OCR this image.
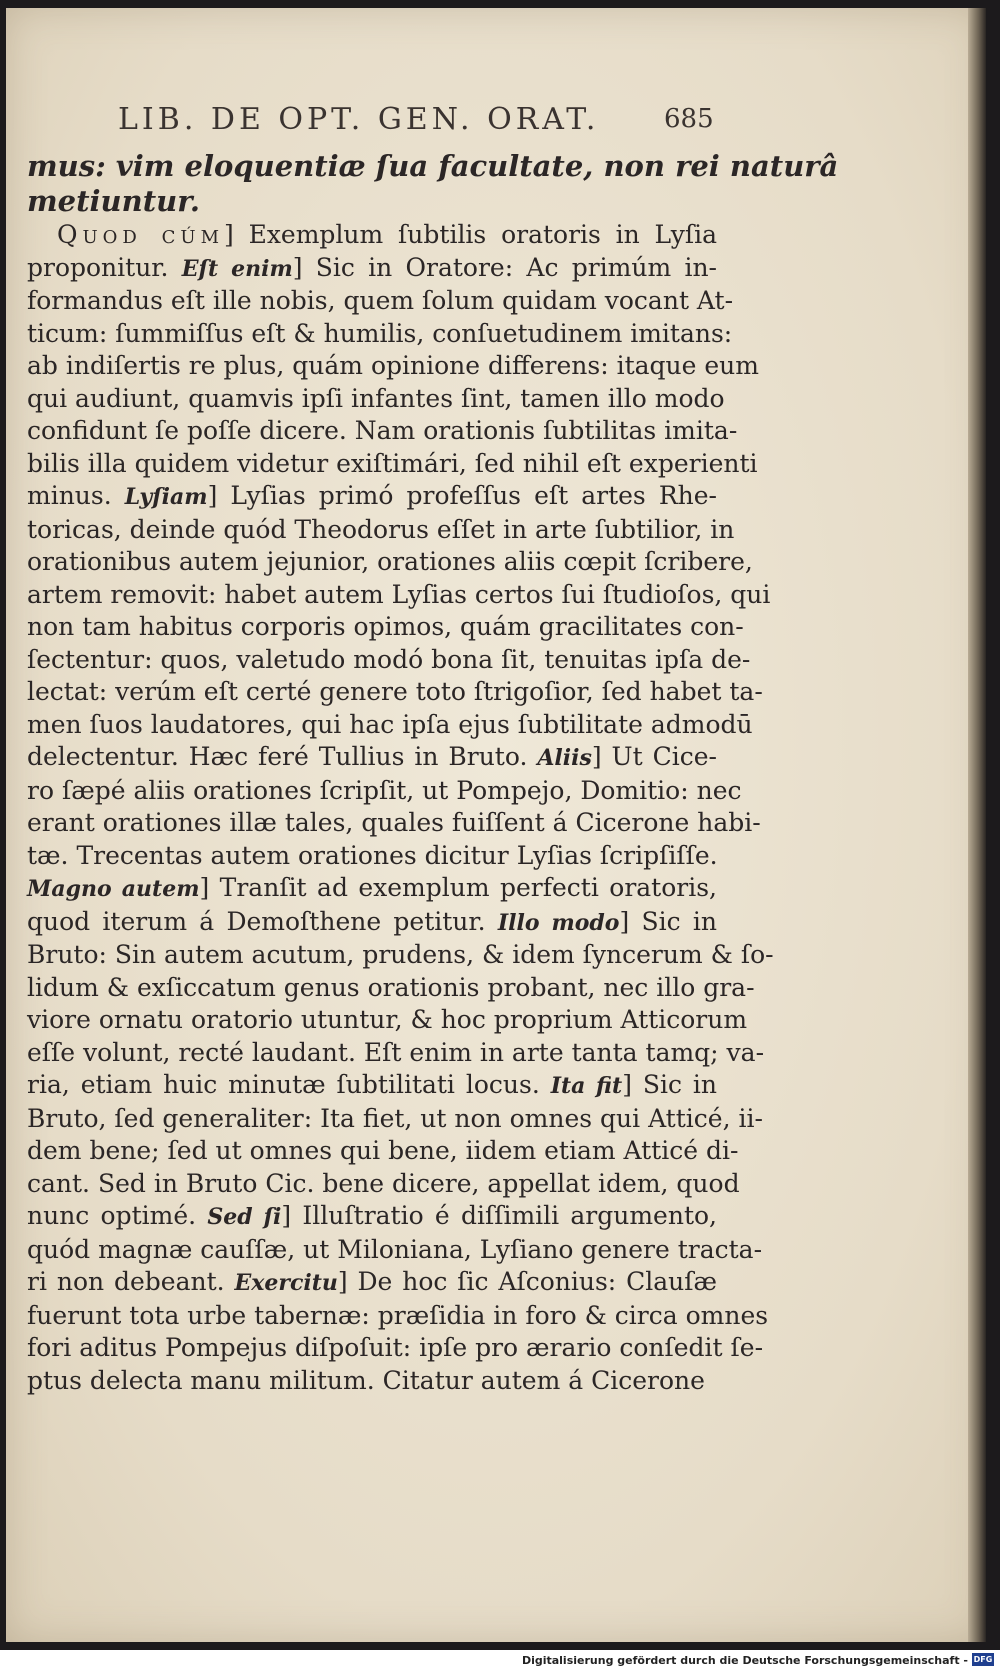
LIB. DE OPT. GEN. ORAT. 685
mus: vim eloquentiæ ſua facultate, non rei naturâ
metiuntur.
Quod cúm] Exemplum ſubtilis oratoris in Lyſia
proponitur. Eſt enim] Sic in Oratore: Ac primúm in-
formandus eſt ille nobis, quem ſolum quidam vocant At-
ticum: ſummiſſus eſt & humilis, conſuetudinem imitans:
ab indiſertis re plus, quám opinione differens: itaque eum
qui audiunt, quamvis ipſi infantes ſint, tamen illo modo
confidunt ſe poſſe dicere. Nam orationis ſubtilitas imita-
bilis illa quidem videtur exiſtimári, ſed nihil eſt experienti
minus. Lyſiam] Lyſias primó profeſſus eſt artes Rhe-
toricas, deinde quód Theodorus eſſet in arte ſubtilior, in
orationibus autem jejunior, orationes aliis cœpit ſcribere,
artem removit: habet autem Lyſias certos ſui ſtudioſos, qui
non tam habitus corporis opimos, quám gracilitates con-
ſectentur: quos, valetudo modó bona ſit, tenuitas ipſa de-
lectat: verúm eſt certé genere toto ſtrigoſior, ſed habet ta-
men ſuos laudatores, qui hac ipſa ejus ſubtilitate admodū
delectentur. Hæc feré Tullius in Bruto. Aliis] Ut Cice-
ro ſæpé aliis orationes ſcripſit, ut Pompejo, Domitio: nec
erant orationes illæ tales, quales fuiſſent á Cicerone habi-
tæ. Trecentas autem orationes dicitur Lyſias ſcripſiſſe.
Magno autem] Tranſit ad exemplum perfecti oratoris,
quod iterum á Demoſthene petitur. Illo modo] Sic in
Bruto: Sin autem acutum, prudens, & idem ſyncerum & ſo-
lidum & exſiccatum genus orationis probant, nec illo gra-
viore ornatu oratorio utuntur, & hoc proprium Atticorum
eſſe volunt, recté laudant. Eſt enim in arte tanta tamq; va-
ria, etiam huic minutæ ſubtilitati locus. Ita fit] Sic in
Bruto, ſed generaliter: Ita fiet, ut non omnes qui Atticé, ii-
dem bene; ſed ut omnes qui bene, iidem etiam Atticé di-
cant. Sed in Bruto Cic. bene dicere, appellat idem, quod
nunc optimé. Sed ſi] Illuſtratio é diſſimili argumento,
quód magnæ cauſſæ, ut Miloniana, Lyſiano genere tracta-
ri non debeant. Exercitu] De hoc ſic Aſconius: Clauſæ
fuerunt tota urbe tabernæ: præſidia in foro & circa omnes
fori aditus Pompejus diſpoſuit: ipſe pro ærario conſedit ſe-
ptus delecta manu militum. Citatur autem á Cicerone
Digitalisierung gefördert durch die Deutsche Forschungsgemeinschaft - DFG
